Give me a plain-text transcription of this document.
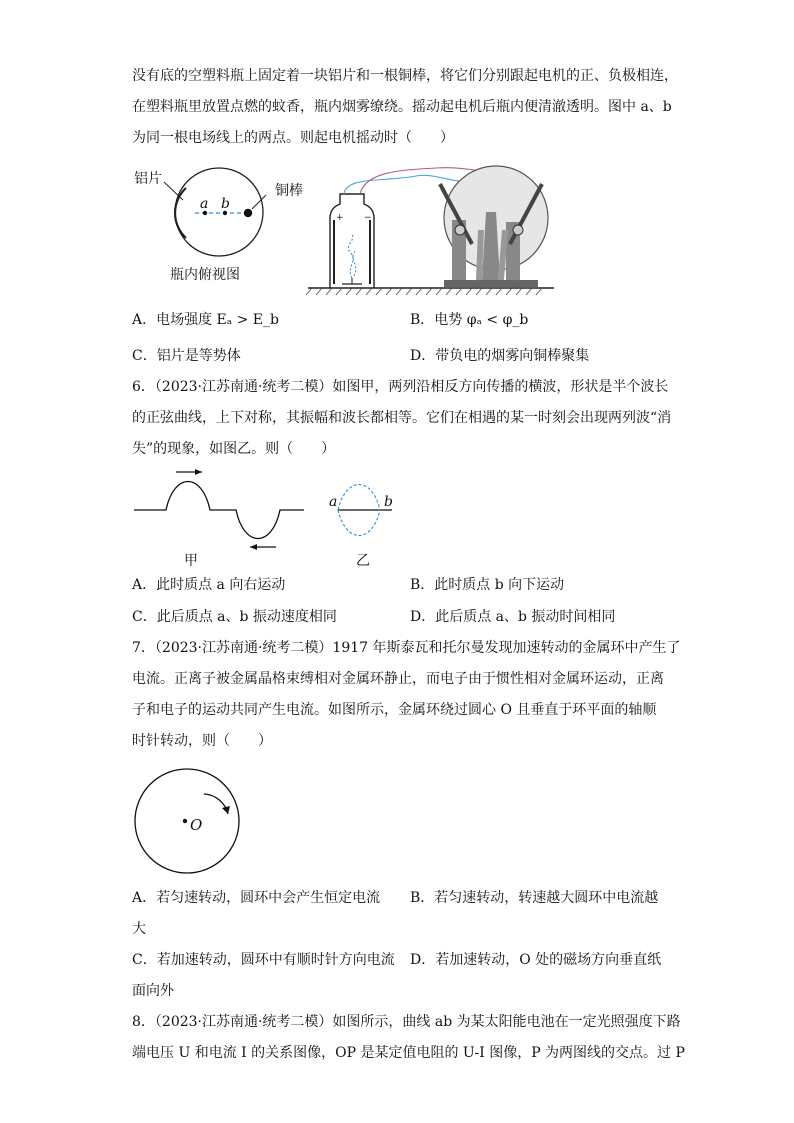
没有底的空塑料瓶上固定着一块铝片和一根铜棒，将它们分别跟起电机的正、负极相连，
在塑料瓶里放置点燃的蚊香，瓶内烟雾缭绕。摇动起电机后瓶内便清澈透明。图中 a、b
为同一根电场线上的两点。则起电机摇动时（　　）
铝片
a b
瓶内俯视图
铜棒
+ −
A．电场强度 Eₐ > E_b	B．电势 φₐ < φ_b
C．铝片是等势体	D．带负电的烟雾向铜棒聚集
6．（2023·江苏南通·统考二模）如图甲，两列沿相反方向传播的横波，形状是半个波长
的正弦曲线，上下对称，其振幅和波长都相等。它们在相遇的某一时刻会出现两列波“消
失”的现象，如图乙。则（　　）
甲
a	b
乙
A．此时质点 a 向右运动	B．此时质点 b 向下运动
C．此后质点 a、b 振动速度相同	D．此后质点 a、b 振动时间相同
7．（2023·江苏南通·统考二模）1917 年斯泰瓦和托尔曼发现加速转动的金属环中产生了
电流。正离子被金属晶格束缚相对金属环静止，而电子由于惯性相对金属环运动，正离
子和电子的运动共同产生电流。如图所示，金属环绕过圆心 O 且垂直于环平面的轴顺
时针转动，则（　　）
O
A．若匀速转动，圆环中会产生恒定电流 B．若匀速转动，转速越大圆环中电流越
大
C．若加速转动，圆环中有顺时针方向电流 D．若加速转动，O 处的磁场方向垂直纸
面向外
8．（2023·江苏南通·统考二模）如图所示，曲线 ab 为某太阳能电池在一定光照强度下路
端电压 U 和电流 I 的关系图像，OP 是某定值电阻的 U-I 图像，P 为两图线的交点。过 P
